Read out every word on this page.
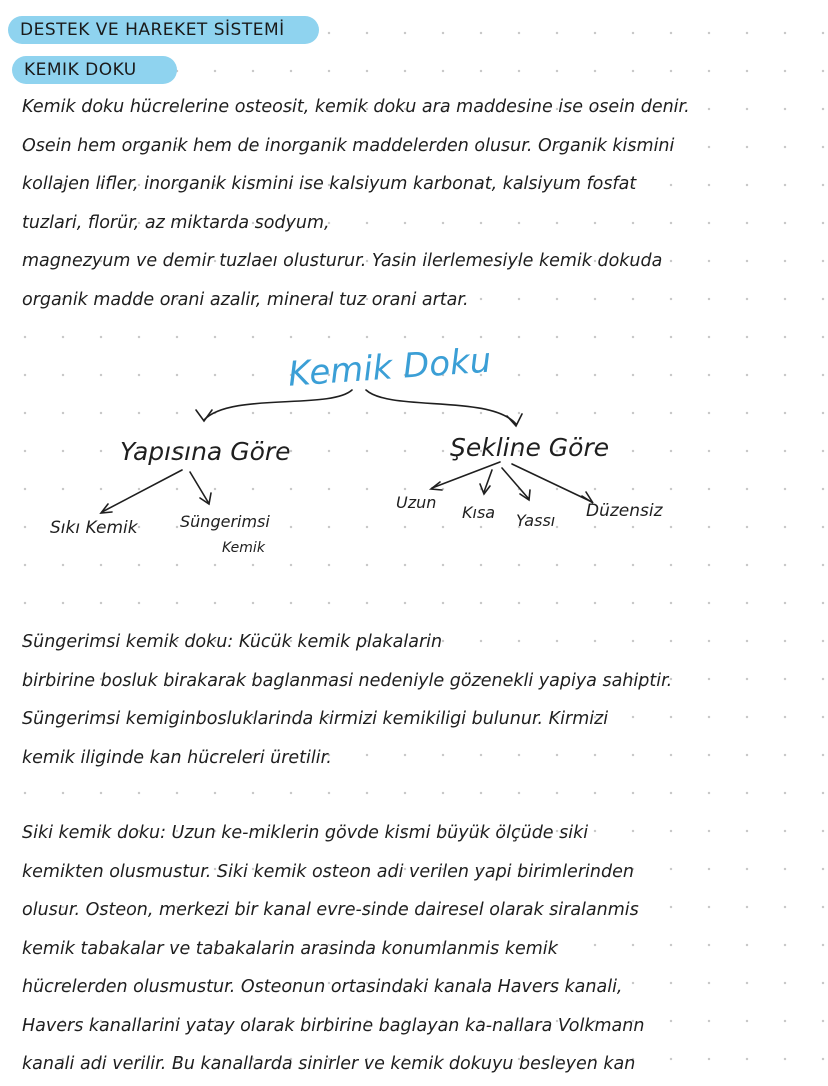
DESTEK VE HAREKET SİSTEMİ
KEMIK DOKU
Kemik doku hücrelerine osteosit, kemik doku ara maddesine ise osein denir.
Osein hem organik hem de inorganik maddelerden olusur. Organik kismini
kollajen lifler, inorganik kismini ise kalsiyum karbonat, kalsiyum fosfat
tuzlari, florür, az miktarda sodyum,
magnezyum ve demir tuzlaeı olusturur. Yasin ilerlemesiyle kemik dokuda
organik madde orani azalir, mineral tuz orani artar.
Kemik Doku
Yapısına Göre	Şekline Göre
Sıkı Kemik	Süngerimsi
Kemik
Uzun
Kısa Yassı Düzensiz
Süngerimsi kemik doku: Kücük kemik plakalarin
birbirine bosluk birakarak baglanmasi nedeniyle gözenekli yapiya sahiptir.
Süngerimsi kemiginbosluklarinda kirmizi kemikiligi bulunur. Kirmizi
kemik iliginde kan hücreleri üretilir.
Siki kemik doku: Uzun ke-miklerin gövde kismi büyük ölçüde siki
kemikten olusmustur. Siki kemik osteon adi verilen yapi birimlerinden
olusur. Osteon, merkezi bir kanal evre-sinde dairesel olarak siralanmis
kemik tabakalar ve tabakalarin arasinda konumlanmis kemik
hücrelerden olusmustur. Osteonun ortasindaki kanala Havers kanali,
Havers kanallarini yatay olarak birbirine baglayan ka-nallara Volkmann
kanali adi verilir. Bu kanallarda sinirler ve kemik dokuyu besleyen kan
